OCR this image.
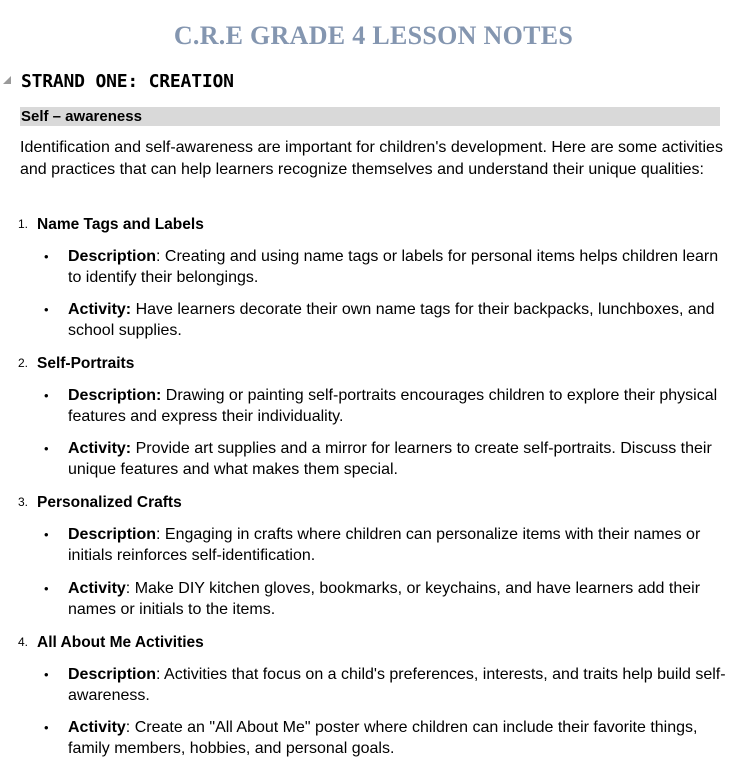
C.R.E GRADE 4 LESSON NOTES
STRAND ONE: CREATION
Self – awareness

Identification and self-awareness are important for children's development. Here are some activities and practices that can help learners recognize themselves and understand their unique qualities:

1. Name Tags and Labels

• Description: Creating and using name tags or labels for personal items helps children learn to identify their belongings.

• Activity: Have learners decorate their own name tags for their backpacks, lunchboxes, and school supplies.

2. Self-Portraits

• Description: Drawing or painting self-portraits encourages children to explore their physical features and express their individuality.

• Activity: Provide art supplies and a mirror for learners to create self-portraits. Discuss their unique features and what makes them special.

3. Personalized Crafts

• Description: Engaging in crafts where children can personalize items with their names or initials reinforces self-identification.

• Activity: Make DIY kitchen gloves, bookmarks, or keychains, and have learners add their names or initials to the items.

4. All About Me Activities

• Description: Activities that focus on a child's preferences, interests, and traits help build self-awareness.

• Activity: Create an "All About Me" poster where children can include their favorite things, family members, hobbies, and personal goals.
